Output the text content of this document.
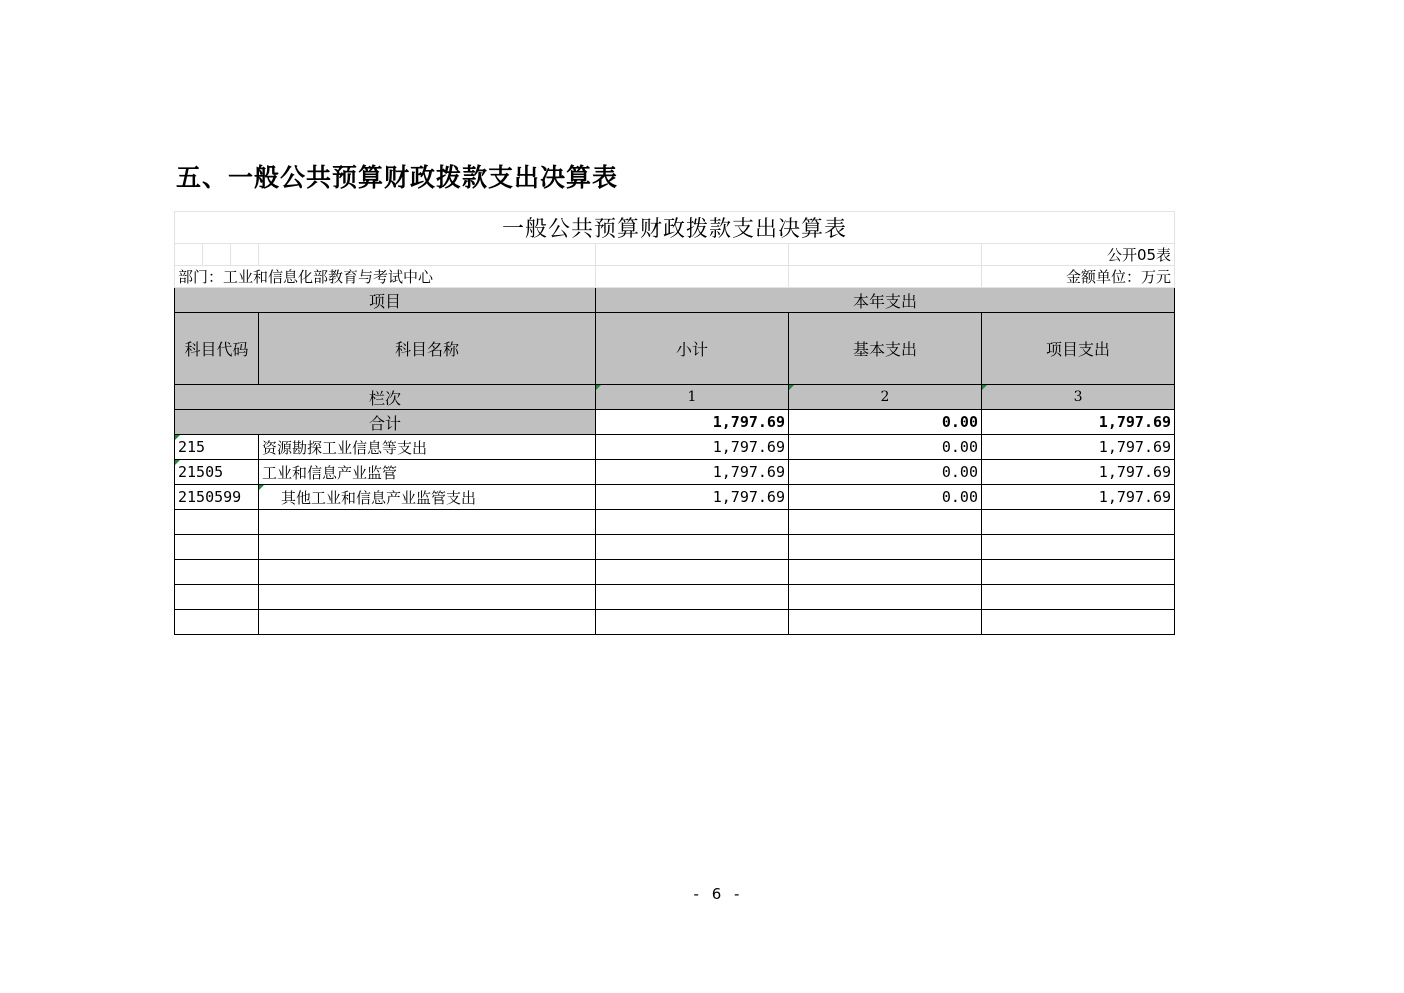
五、一般公共预算财政拨款支出决算表
一般公共预算财政拨款支出决算表						
						公开05表
部门：工业和信息化部教育与考试中心						金额单位：万元
项目				本年支出		
科目代码			科目名称	小计	基本支出	项目支出
栏次				1	2	3
合计				1,797.69	0.00	1,797.69
215			资源勘探工业信息等支出	1,797.69	0.00	1,797.69
21505			工业和信息产业监管	1,797.69	0.00	1,797.69
2150599			其他工业和信息产业监管支出	1,797.69	0.00	1,797.69

- 6 -
